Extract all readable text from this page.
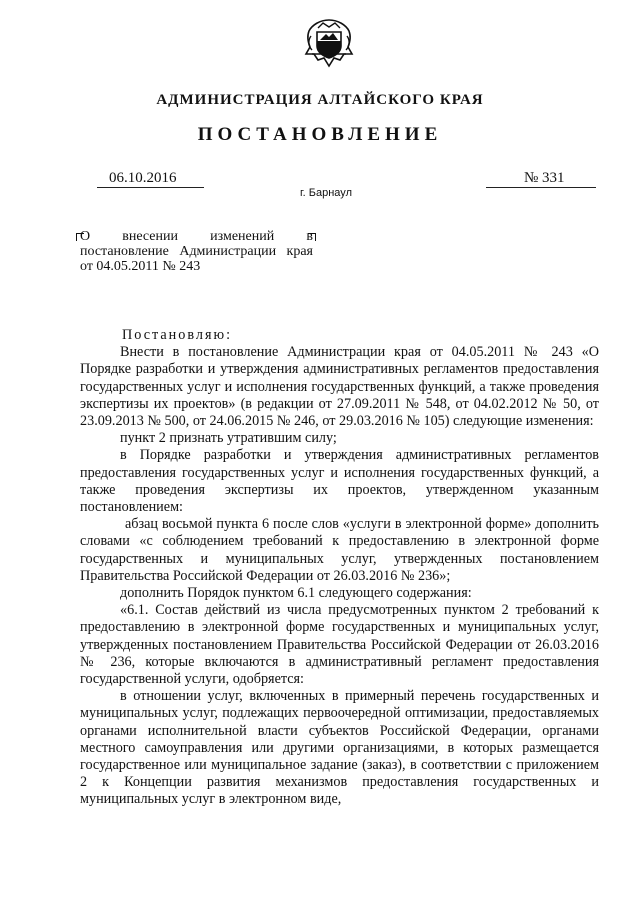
АДМИНИСТРАЦИЯ АЛТАЙСКОГО КРАЯ
ПОСТАНОВЛЕНИЕ
06.10.2016
г. Барнаул
№ 331
О внесении изменений в постановление Администрации края от 04.05.2011 № 243

Постановляю:

Внести в постановление Администрации края от 04.05.2011 № 243 «О Порядке разработки и утверждения административных регламентов предоставления государственных услуг и исполнения государственных функций, а также проведения экспертизы их проектов» (в редакции от 27.09.2011 № 548, от 04.02.2012 № 50, от 23.09.2013 № 500, от 24.06.2015 № 246, от 29.03.2016 № 105) следующие изменения:

пункт 2 признать утратившим силу;

в Порядке разработки и утверждения административных регламентов предоставления государственных услуг и исполнения государственных функций, а также проведения экспертизы их проектов, утвержденном указанным постановлением:

абзац восьмой пункта 6 после слов «услуги в электронной форме» дополнить словами «с соблюдением требований к предоставлению в электронной форме государственных и муниципальных услуг, утвержденных постановлением Правительства Российской Федерации от 26.03.2016 № 236»;

дополнить Порядок пунктом 6.1 следующего содержания:

«6.1. Состав действий из числа предусмотренных пунктом 2 требований к предоставлению в электронной форме государственных и муниципальных услуг, утвержденных постановлением Правительства Российской Федерации от 26.03.2016 № 236, которые включаются в административный регламент предоставления государственной услуги, одобряется:

в отношении услуг, включенных в примерный перечень государственных и муниципальных услуг, подлежащих первоочередной оптимизации, предоставляемых органами исполнительной власти субъектов Российской Федерации, органами местного самоуправления или другими организациями, в которых размещается государственное или муниципальное задание (заказ), в соответствии с приложением 2 к Концепции развития механизмов предоставления государственных и муниципальных услуг в электронном виде,
